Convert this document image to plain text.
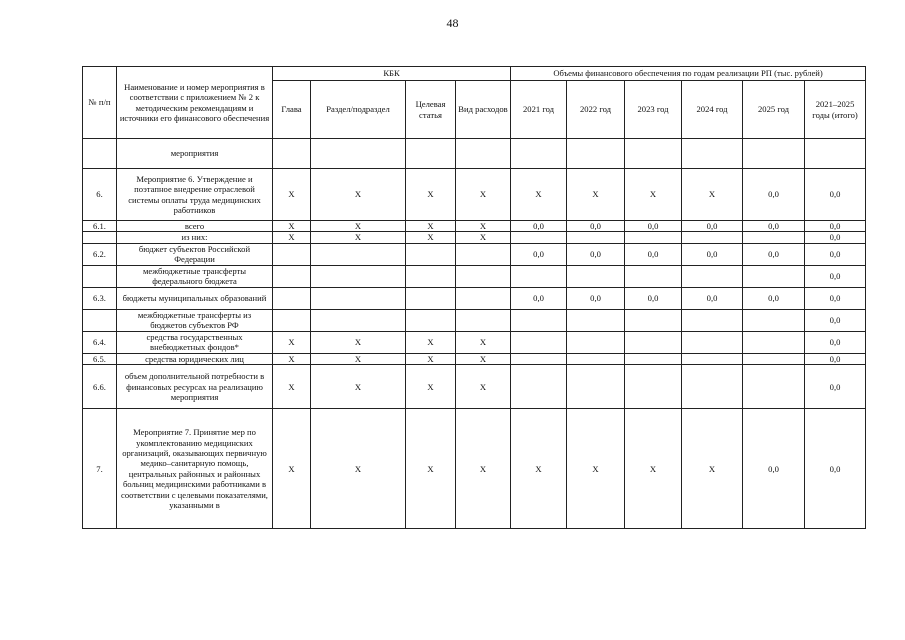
48
№ п/п	Наименование и номер мероприятия в соответствии с приложением № 2 к методическим рекомендациям и источники его финансового обеспечения	КБК				Объемы финансового обеспечения по годам реализации РП (тыс. рублей)					
		Глава	Раздел/подраздел	Целевая статья	Вид расходов	2021 год	2022 год	2023 год	2024 год	2025 год	2021–2025 годы (итого)
	мероприятия										
6.	Мероприятие 6. Утверждение и поэтапное внедрение отраслевой системы оплаты труда медицинских работников	X	X	X	X	X	X	X	X	0,0	0,0
6.1.	всего	X	X	X	X	0,0	0,0	0,0	0,0	0,0	0,0
	из них:	X	X	X	X						0,0
6.2.	бюджет субъектов Российской Федерации					0,0	0,0	0,0	0,0	0,0	0,0
	межбюджетные трансферты федерального бюджета										0,0
6.3.	бюджеты муниципальных образований					0,0	0,0	0,0	0,0	0,0	0,0
	межбюджетные трансферты из бюджетов субъектов РФ										0,0
6.4.	средства государственных внебюджетных фондов*	X	X	X	X						0,0
6.5.	средства юридических лиц	X	X	X	X						0,0
6.6.	объем дополнительной потребности в финансовых ресурсах на реализацию мероприятия	X	X	X	X						0,0
7.	Мероприятие 7. Принятие мер по укомплектованию медицинских организаций, оказывающих первичную медико–санитарную помощь, центральных районных и районных больниц медицинскими работниками в соответствии с целевыми показателями, указанными в	X	X	X	X	X	X	X	X	0,0	0,0
